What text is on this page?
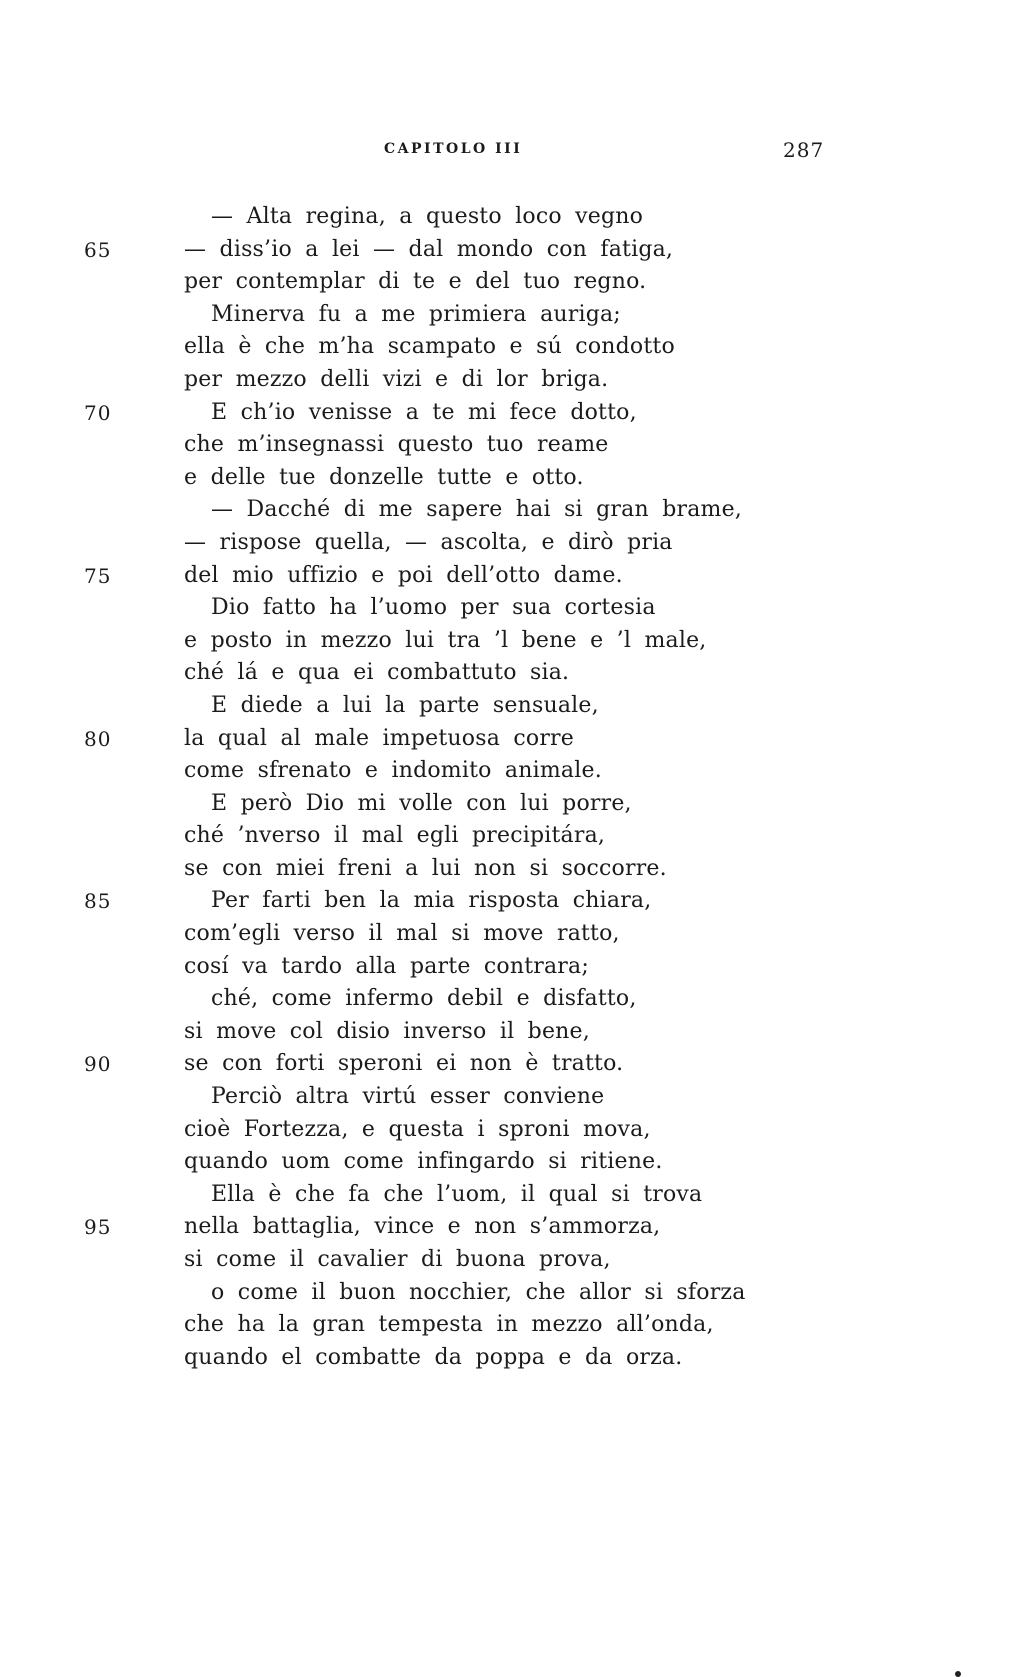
CAPITOLO III	287
— Alta regina, a questo loco vegno
65	— diss’io a lei — dal mondo con fatiga,
per contemplar di te e del tuo regno.
Minerva fu a me primiera auriga;
ella è che m’ha scampato e sú condotto
per mezzo delli vizi e di lor briga.
70	E ch’io venisse a te mi fece dotto,
che m’insegnassi questo tuo reame
e delle tue donzelle tutte e otto.
— Dacché di me sapere hai si gran brame,
— rispose quella, — ascolta, e dirò pria
75	del mio uffizio e poi dell’otto dame.
Dio fatto ha l’uomo per sua cortesia
e posto in mezzo lui tra ’l bene e ’l male,
ché lá e qua ei combattuto sia.
E diede a lui la parte sensuale,
80	la qual al male impetuosa corre
come sfrenato e indomito animale.
E però Dio mi volle con lui porre,
ché ’nverso il mal egli precipitára,
se con miei freni a lui non si soccorre.
85	Per farti ben la mia risposta chiara,
com’egli verso il mal si move ratto,
cosí va tardo alla parte contrara;
ché, come infermo debil e disfatto,
si move col disio inverso il bene,
90	se con forti speroni ei non è tratto.
Perciò altra virtú esser conviene
cioè Fortezza, e questa i sproni mova,
quando uom come infingardo si ritiene.
Ella è che fa che l’uom, il qual si trova
95	nella battaglia, vince e non s’ammorza,
si come il cavalier di buona prova,
o come il buon nocchier, che allor si sforza
che ha la gran tempesta in mezzo all’onda,
quando el combatte da poppa e da orza.
